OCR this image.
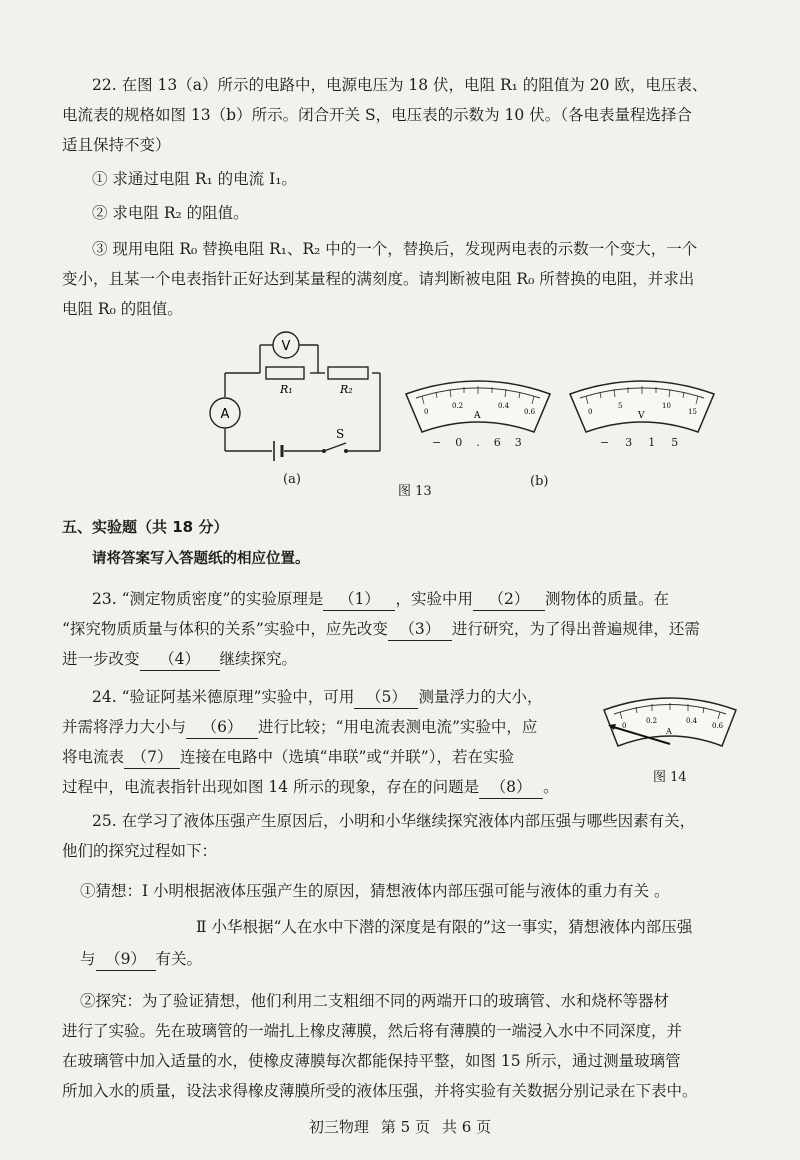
22. 在图 13（a）所示的电路中，电源电压为 18 伏，电阻 R₁ 的阻值为 20 欧，电压表、
电流表的规格如图 13（b）所示。闭合开关 S，电压表的示数为 10 伏。（各电表量程选择合
适且保持不变）
① 求通过电阻 R₁ 的电流 I₁。
② 求电阻 R₂ 的阻值。
③ 现用电阻 R₀ 替换电阻 R₁、R₂ 中的一个，替换后，发现两电表的示数一个变大，一个
变小，且某一个电表指针正好达到某量程的满刻度。请判断被电阻 R₀ 所替换的电阻，并求出
电阻 R₀ 的阻值。
V
A
R₁	R₂
S
(a)
0
0.2	0.4
0.6
A
−0.63
0
5	10
15
V
−315
图 13
(b)
五、实验题（共 18 分）
请将答案写入答题纸的相应位置。
23. “测定物质密度”的实验原理是 （1） ，实验中用 （2） 测物体的质量。在
“探究物质质量与体积的关系”实验中，应先改变 （3） 进行研究，为了得出普遍规律，还需
进一步改变 （4） 继续探究。
24. “验证阿基米德原理”实验中，可用 （5） 测量浮力的大小，
并需将浮力大小与 （6） 进行比较；“用电流表测电流”实验中，应
将电流表 （7） 连接在电路中（选填“串联”或“并联”），若在实验
过程中，电流表指针出现如图 14 所示的现象，存在的问题是 （8） 。
0
0.2	0.4
0.6
A
图 14
25. 在学习了液体压强产生原因后，小明和小华继续探究液体内部压强与哪些因素有关，
他们的探究过程如下：
①猜想：Ⅰ 小明根据液体压强产生的原因，猜想液体内部压强可能与液体的重力有关 。
Ⅱ 小华根据“人在水中下潜的深度是有限的”这一事实，猜想液体内部压强
与 （9） 有关。
②探究：为了验证猜想，他们利用二支粗细不同的两端开口的玻璃管、水和烧杯等器材
进行了实验。先在玻璃管的一端扎上橡皮薄膜，然后将有薄膜的一端浸入水中不同深度，并
在玻璃管中加入适量的水，使橡皮薄膜每次都能保持平整，如图 15 所示，通过测量玻璃管
所加入水的质量，设法求得橡皮薄膜所受的液体压强，并将实验有关数据分别记录在下表中。
初三物理 第 5 页 共 6 页
